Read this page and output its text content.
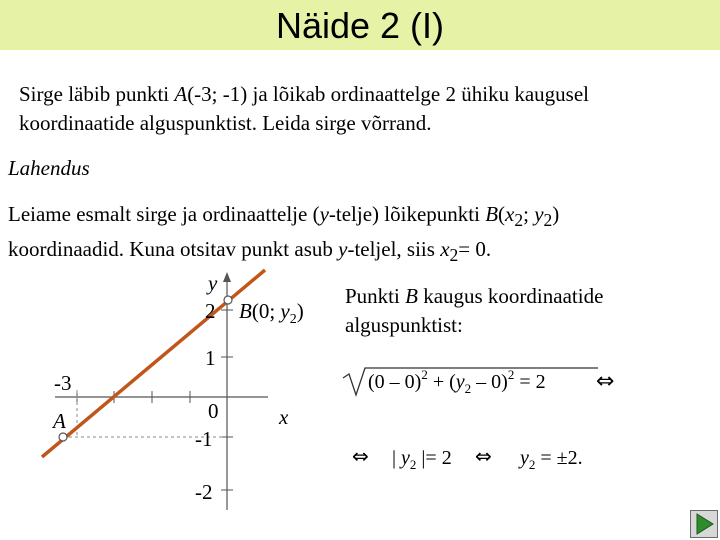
Näide 2 (I)
Sirge läbib punkti A(-3; -1) ja lõikab ordinaattelge 2 ühiku kaugusel
koordinaatide alguspunktist. Leida sirge võrrand.
Lahendus
Leiame esmalt sirge ja ordinaattelje (y-telje) lõikepunkti $B(x_2$; $y_2$)
koordinaadid. Kuna otsitav punkt asub y-teljel, siis $x_2= 0$.
y
x
2
1
0
-1
-2
-3
A
B(0; $y_2$)
$(0 - 0)^2 + (y_2 - 0)^2 = 2$ ⇔
⇔ | $y_2$ |= 2 ⇔ $y_2 = \pm 2$.
Punkti B kaugus koordinaatide
alguspunktist:
